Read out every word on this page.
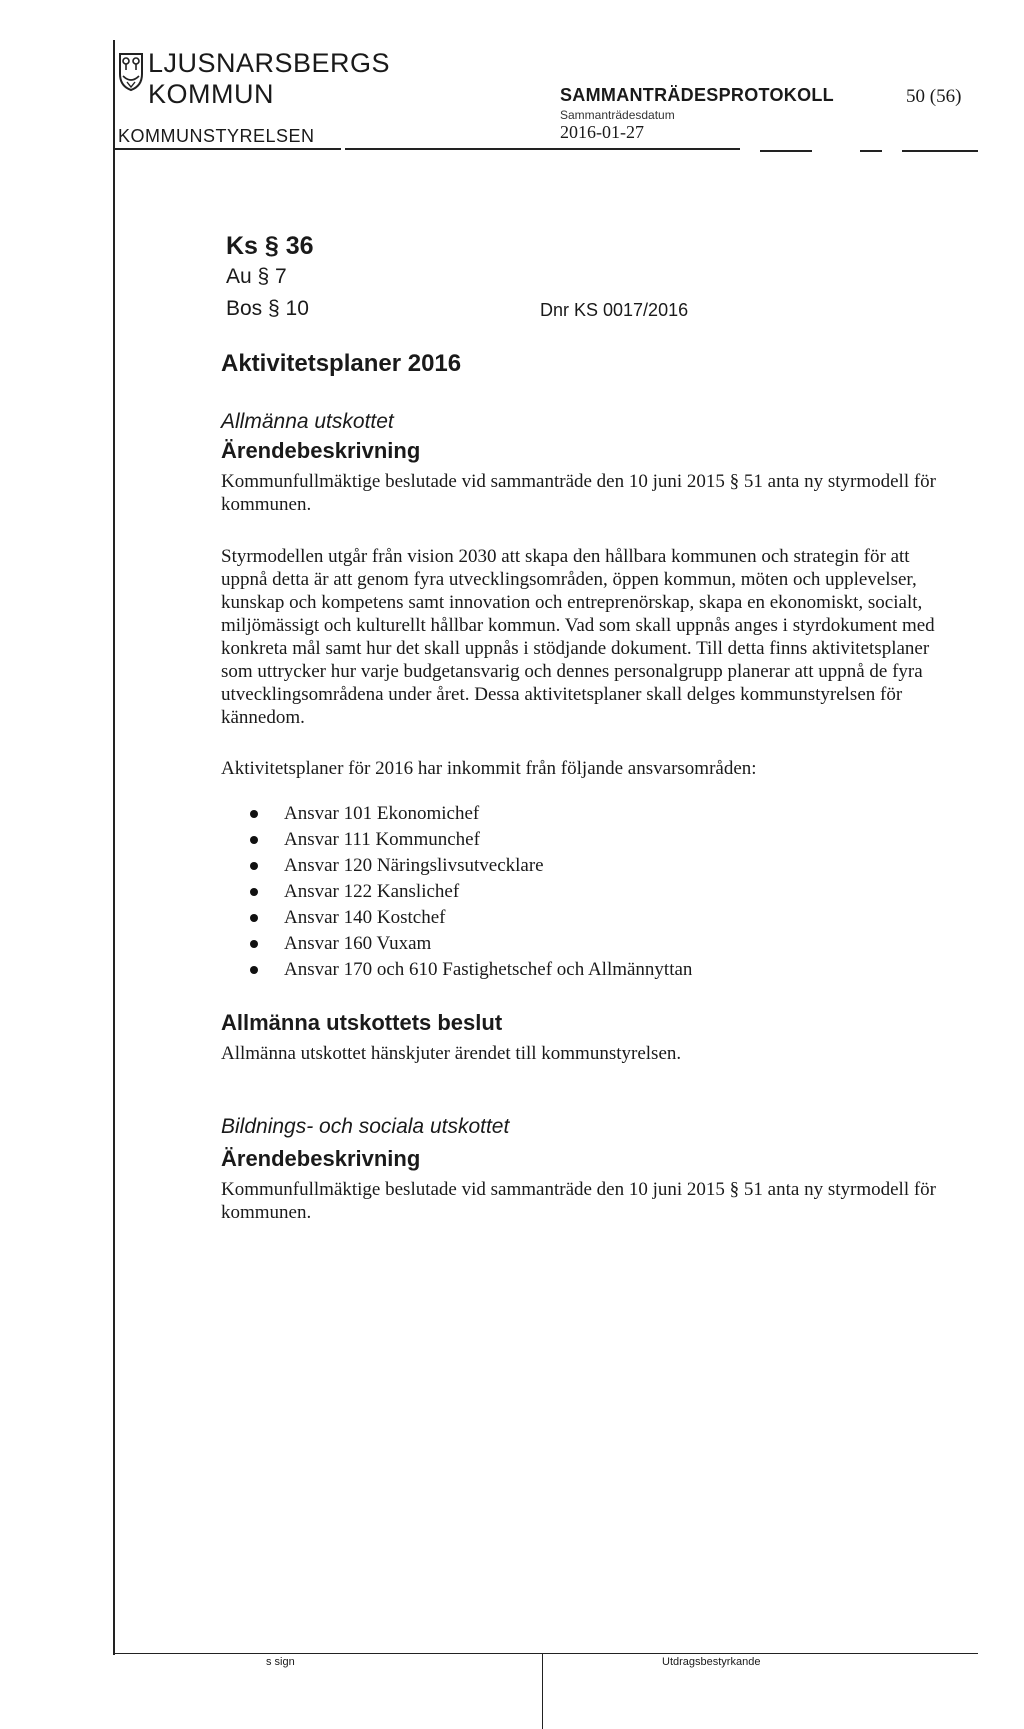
LJUSNARSBERGS
KOMMUN
KOMMUNSTYRELSEN
SAMMANTRÄDESPROTOKOLL
Sammanträdesdatum
2016-01-27
50 (56)
Ks § 36
Au § 7
Bos § 10	Dnr KS 0017/2016
Aktivitetsplaner 2016
Allmänna utskottet
Ärendebeskrivning
Kommunfullmäktige beslutade vid sammanträde den 10 juni 2015 § 51 anta ny styrmodell för kommunen.
Styrmodellen utgår från vision 2030 att skapa den hållbara kommunen och strategin för att uppnå detta är att genom fyra utvecklingsområden, öppen kommun, möten och upplevelser, kunskap och kompetens samt innovation och entreprenörskap, skapa en ekonomiskt, socialt, miljömässigt och kulturellt hållbar kommun. Vad som skall uppnås anges i styrdokument med konkreta mål samt hur det skall uppnås i stödjande dokument. Till detta finns aktivitetsplaner som uttrycker hur varje budgetansvarig och dennes personalgrupp planerar att uppnå de fyra utvecklingsområdena under året. Dessa aktivitetsplaner skall delges kommunstyrelsen för kännedom.
Aktivitetsplaner för 2016 har inkommit från följande ansvarsområden:
Ansvar 101 Ekonomichef
Ansvar 111 Kommunchef
Ansvar 120 Näringslivsutvecklare
Ansvar 122 Kanslichef
Ansvar 140 Kostchef
Ansvar 160 Vuxam
Ansvar 170 och 610 Fastighetschef och Allmännyttan
Allmänna utskottets beslut
Allmänna utskottet hänskjuter ärendet till kommunstyrelsen.
Bildnings- och sociala utskottet
Ärendebeskrivning
Kommunfullmäktige beslutade vid sammanträde den 10 juni 2015 § 51 anta ny styrmodell för kommunen.
s sign	Utdragsbestyrkande
